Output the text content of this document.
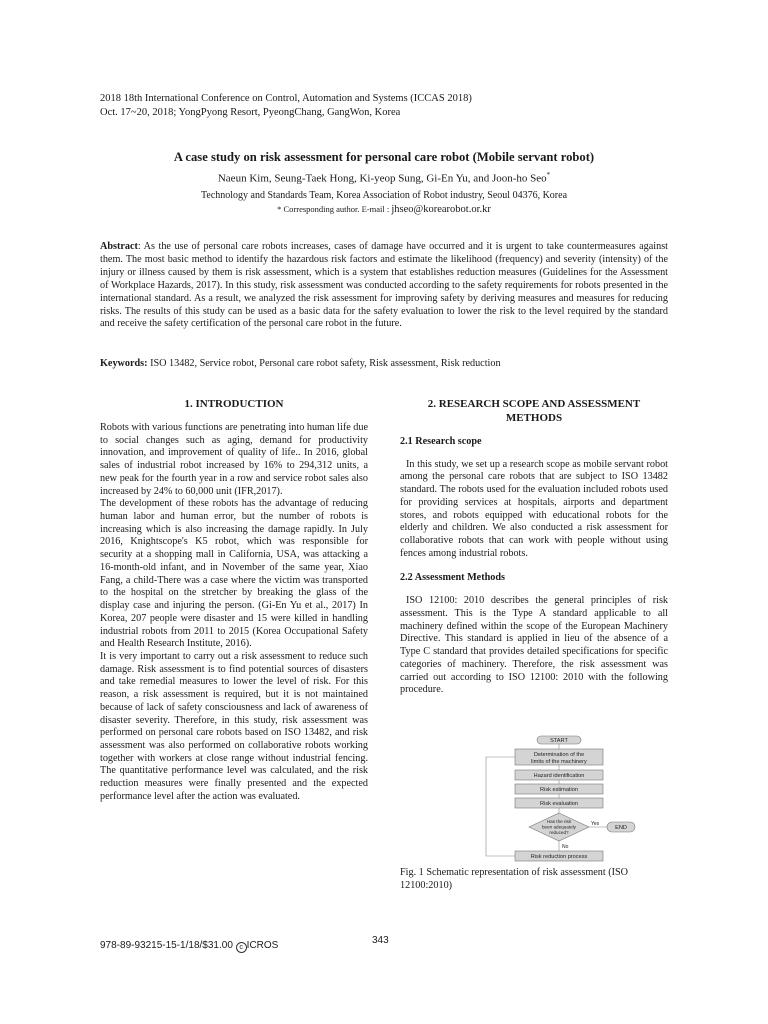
2018 18th International Conference on Control, Automation and Systems (ICCAS 2018)
Oct. 17~20, 2018; YongPyong Resort, PyeongChang, GangWon, Korea
A case study on risk assessment for personal care robot (Mobile servant robot)
Naeun Kim, Seung-Taek Hong, Ki-yeop Sung, Gi-En Yu, and Joon-ho Seo*
Technology and Standards Team, Korea Association of Robot industry, Seoul 04376, Korea
* Corresponding author. E-mail : jhseo@korearobot.or.kr
Abstract: As the use of personal care robots increases, cases of damage have occurred and it is urgent to take countermeasures against them. The most basic method to identify the hazardous risk factors and estimate the likelihood (frequency) and severity (intensity) of the injury or illness caused by them is risk assessment, which is a system that establishes reduction measures (Guidelines for the Assessment of Workplace Hazards, 2017). In this study, risk assessment was conducted according to the safety requirements for robots presented in the international standard. As a result, we analyzed the risk assessment for improving safety by deriving measures and measures for reducing risks. The results of this study can be used as a basic data for the safety evaluation to lower the risk to the level required by the standard and receive the safety certification of the personal care robot in the future.
Keywords: ISO 13482, Service robot, Personal care robot safety, Risk assessment, Risk reduction
1. INTRODUCTION

Robots with various functions are penetrating into human life due to social changes such as aging, demand for productivity innovation, and improvement of quality of life.. In 2016, global sales of industrial robot increased by 16% to 294,312 units, a new peak for the fourth year in a row and service robot sales also increased by 24% to 60,000 unit (IFR,2017).

The development of these robots has the advantage of reducing human labor and human error, but the number of robots is increasing which is also increasing the damage rapidly. In July 2016, Knightscope's K5 robot, which was responsible for security at a shopping mall in California, USA, was attacking a 16-month-old infant, and in November of the same year, Xiao Fang, a child-There was a case where the victim was transported to the hospital on the stretcher by breaking the glass of the display case and injuring the person. (Gi-En Yu et al., 2017) In Korea, 207 people were disaster and 15 were killed in handling industrial robots from 2011 to 2015 (Korea Occupational Safety and Health Research Institute, 2016).

It is very important to carry out a risk assessment to reduce such damage. Risk assessment is to find potential sources of disasters and take remedial measures to lower the level of risk. For this reason, a risk assessment is required, but it is not maintained because of lack of safety consciousness and lack of awareness of disaster severity. Therefore, in this study, risk assessment was performed on personal care robots based on ISO 13482, and risk assessment was also performed on collaborative robots working together with workers at close range without industrial fencing. The quantitative performance level was calculated, and the risk reduction measures were finally presented and the expected performance level after the action was evaluated.

2. RESEARCH SCOPE AND ASSESSMENT METHODS
2.1 Research scope

In this study, we set up a research scope as mobile servant robot among the personal care robots that are subject to ISO 13482 standard. The robots used for the evaluation included robots used for providing services at hospitals, airports and department stores, and robots equipped with educational robots for the elderly and children. We also conducted a risk assessment for collaborative robots that can work with people without using fences among industrial robots.

2.2 Assessment Methods

ISO 12100: 2010 describes the general principles of risk assessment. This is the Type A standard applicable to all machinery defined within the scope of the European Machinery Directive. This standard is applied in lieu of the absence of a Type C standard that provides detailed specifications for specific categories of machinery. Therefore, the risk assessment was carried out according to ISO 12100: 2010 with the following procedure.

START
Determination of the
limits of the machinery
Hazard identification
Risk estimation
Risk evaluation
Has the risk
been adequately
reduced?
Yes
END
No
Risk reduction process
Fig. 1 Schematic representation of risk assessment (ISO 12100:2010)
978-89-93215-15-1/18/$31.00 c ICROS	343
